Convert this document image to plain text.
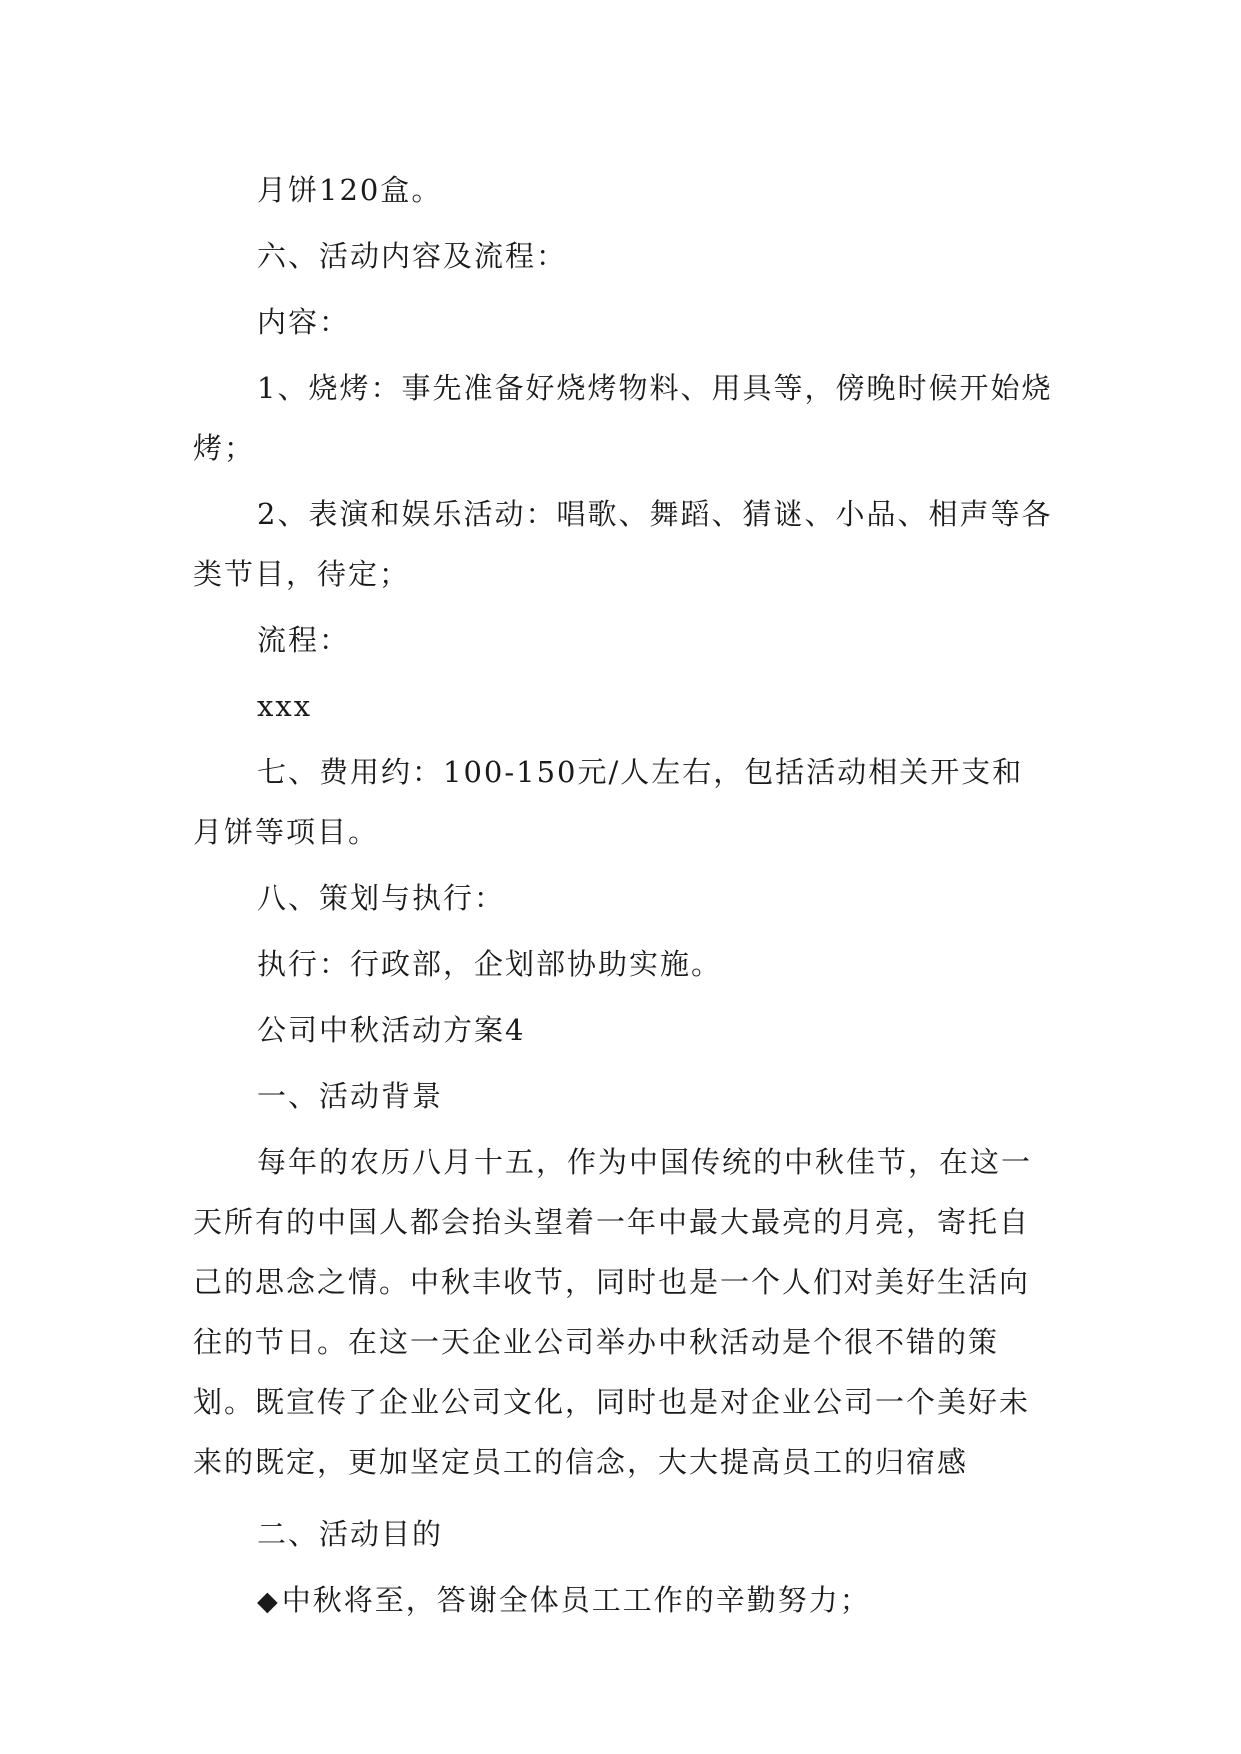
月饼120盒。

六、活动内容及流程：

内容：

1、烧烤：事先准备好烧烤物料、用具等，傍晚时候开始烧烤；

2、表演和娱乐活动：唱歌、舞蹈、猜谜、小品、相声等各类节目，待定；

流程：

xxx

七、费用约：100-150元/人左右，包括活动相关开支和月饼等项目。

八、策划与执行：

执行：行政部，企划部协助实施。

公司中秋活动方案4

一、活动背景

每年的农历八月十五，作为中国传统的中秋佳节，在这一天所有的中国人都会抬头望着一年中最大最亮的月亮，寄托自己的思念之情。中秋丰收节，同时也是一个人们对美好生活向往的节日。在这一天企业公司举办中秋活动是个很不错的策划。既宣传了企业公司文化，同时也是对企业公司一个美好未来的既定，更加坚定员工的信念，大大提高员工的归宿感

二、活动目的

◆中秋将至，答谢全体员工工作的辛勤努力；
